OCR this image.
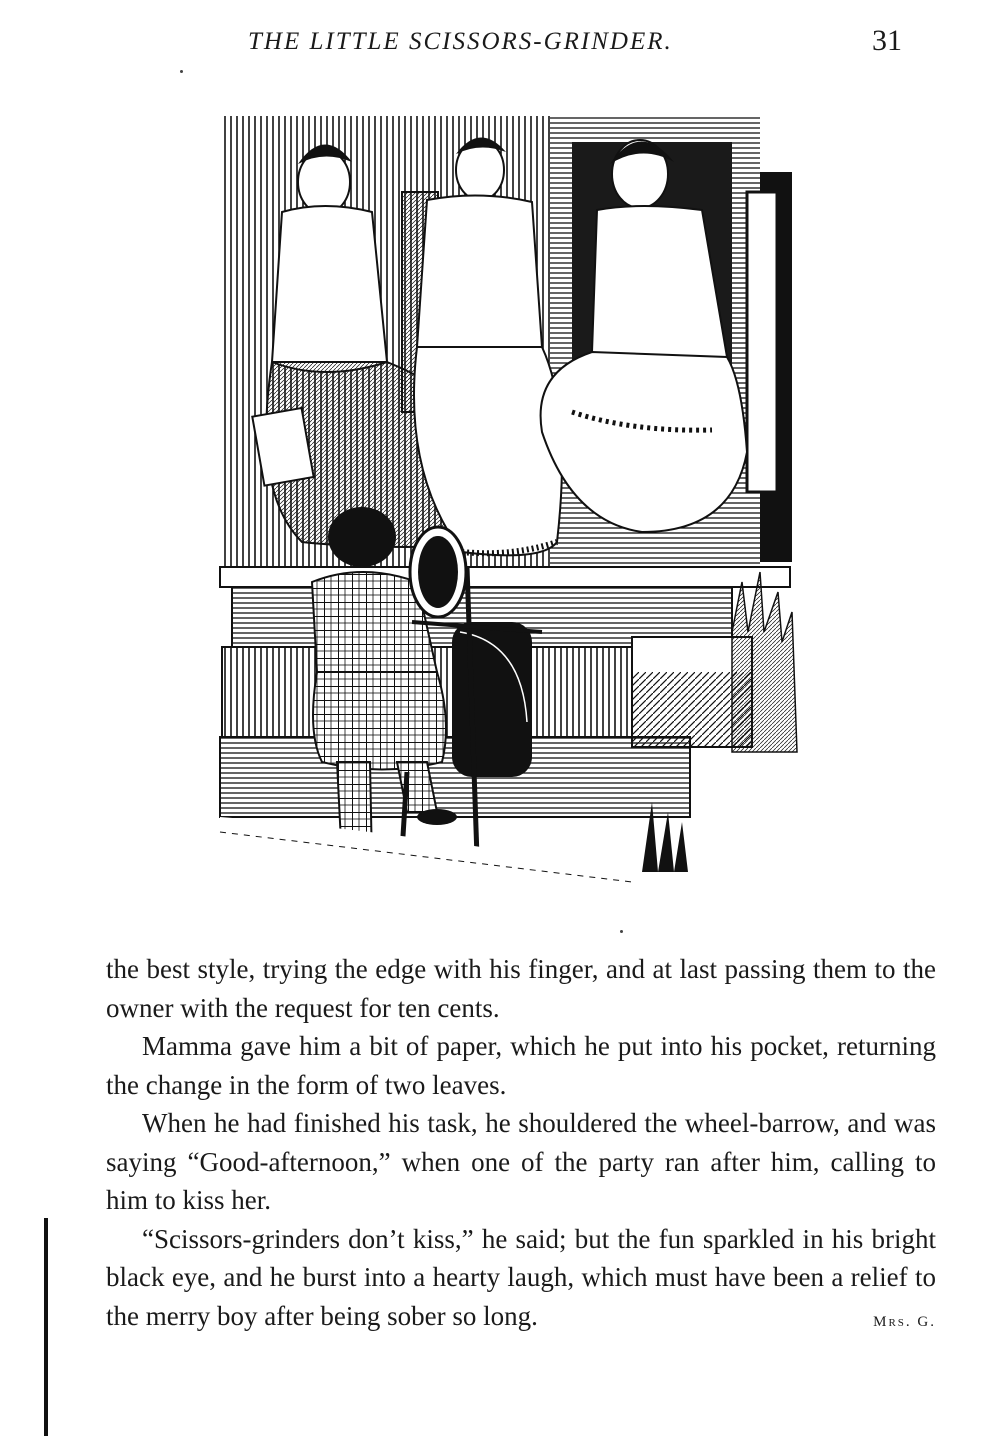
THE LITTLE SCISSORS-GRINDER.	31

the best style, trying the edge with his finger, and at last passing them to the owner with the request for ten cents.

Mamma gave him a bit of paper, which he put into his pocket, returning the change in the form of two leaves.

When he had finished his task, he shouldered the wheel-barrow, and was saying “Good-afternoon,” when one of the party ran after him, calling to him to kiss her.

“Scissors-grinders don’t kiss,” he said; but the fun sparkled in his bright black eye, and he burst into a hearty laugh, which must have been a relief to the merry boy after being sober so long.	Mrs. G.
